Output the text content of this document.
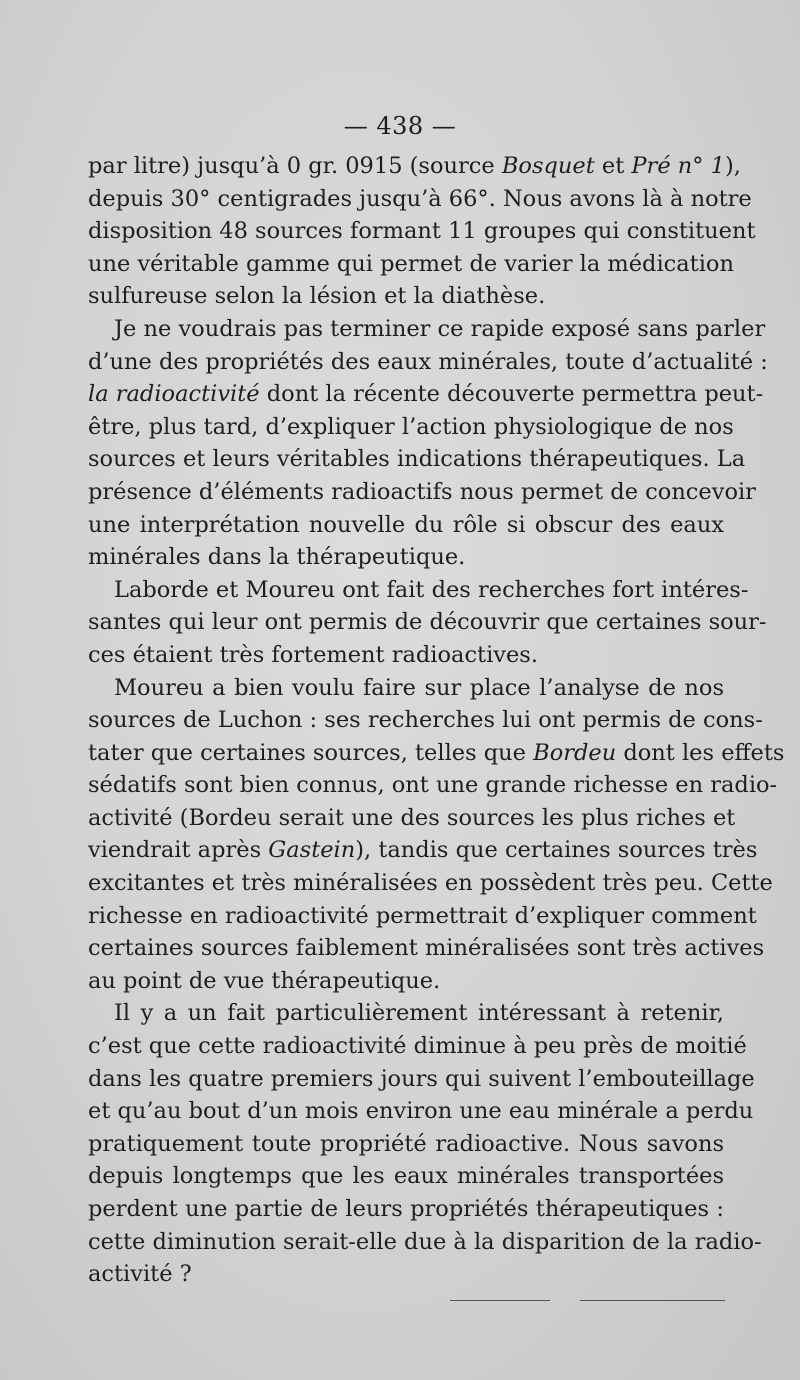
— 438 —
par litre) jusqu’à 0 gr. 0915 (source Bosquet et Pré n° 1),
depuis 30° centigrades jusqu’à 66°. Nous avons là à notre
disposition 48 sources formant 11 groupes qui constituent
une véritable gamme qui permet de varier la médication
sulfureuse selon la lésion et la diathèse.
Je ne voudrais pas terminer ce rapide exposé sans parler
d’une des propriétés des eaux minérales, toute d’actualité :
la radioactivité dont la récente découverte permettra peut-
être, plus tard, d’expliquer l’action physiologique de nos
sources et leurs véritables indications thérapeutiques. La
présence d’éléments radioactifs nous permet de concevoir
une interprétation nouvelle du rôle si obscur des eaux
minérales dans la thérapeutique.
Laborde et Moureu ont fait des recherches fort intéres-
santes qui leur ont permis de découvrir que certaines sour-
ces étaient très fortement radioactives.
Moureu a bien voulu faire sur place l’analyse de nos
sources de Luchon : ses recherches lui ont permis de cons-
tater que certaines sources, telles que Bordeu dont les effets
sédatifs sont bien connus, ont une grande richesse en radio-
activité (Bordeu serait une des sources les plus riches et
viendrait après Gastein), tandis que certaines sources très
excitantes et très minéralisées en possèdent très peu. Cette
richesse en radioactivité permettrait d’expliquer comment
certaines sources faiblement minéralisées sont très actives
au point de vue thérapeutique.
Il y a un fait particulièrement intéressant à retenir,
c’est que cette radioactivité diminue à peu près de moitié
dans les quatre premiers jours qui suivent l’embouteillage
et qu’au bout d’un mois environ une eau minérale a perdu
pratiquement toute propriété radioactive. Nous savons
depuis longtemps que les eaux minérales transportées
perdent une partie de leurs propriétés thérapeutiques :
cette diminution serait-elle due à la disparition de la radio-
activité ?
